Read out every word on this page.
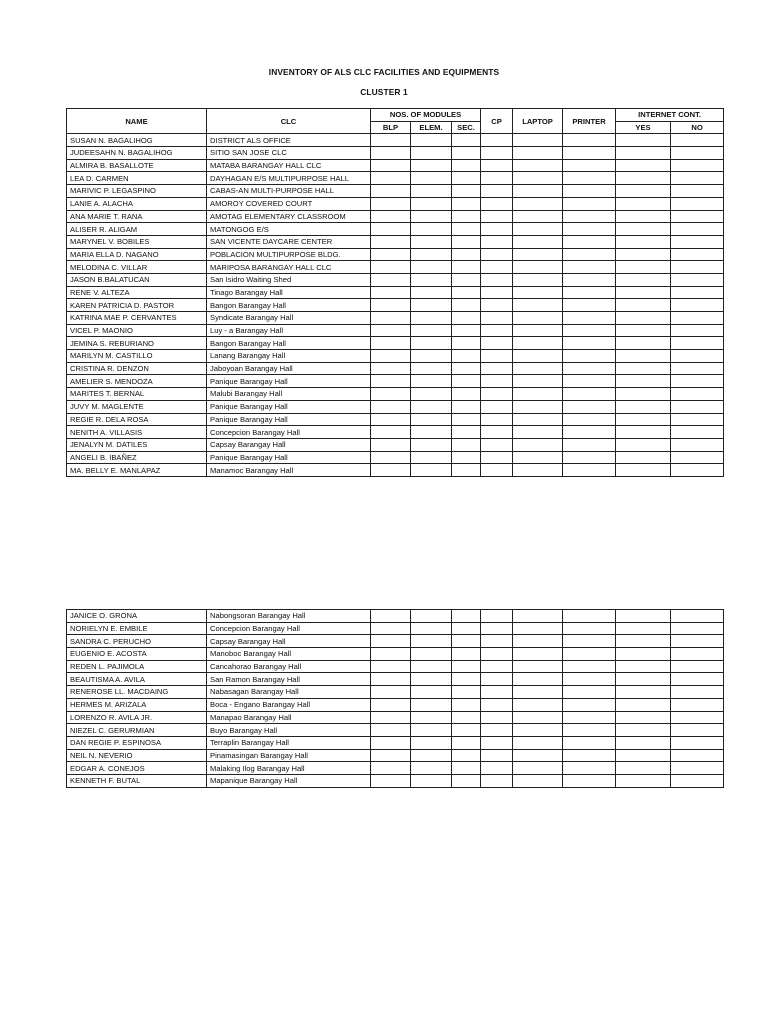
INVENTORY OF ALS CLC FACILITIES AND EQUIPMENTS
CLUSTER 1
NAME	CLC	NOS. OF MODULES			CP	LAPTOP	PRINTER	INTERNET CONT.	
		BLP	ELEM.	SEC.				YES	NO
SUSAN N. BAGALIHOG	DISTRICT ALS OFFICE								
JUDEESAHN N. BAGALIHOG	SITIO SAN JOSE CLC								
ALMIRA B. BASALLOTE	MATABA BARANGAY HALL CLC								
LEA D. CARMEN	DAYHAGAN E/S MULTIPURPOSE HALL								
MARIVIC P. LEGASPINO	CABAS-AN MULTI-PURPOSE HALL								
LANIE A. ALACHA	AMOROY COVERED COURT								
ANA MARIE T. RANA	AMOTAG ELEMENTARY CLASSROOM								
ALISER R. ALIGAM	MATONGOG E/S								
MARYNEL V. BOBILES	SAN VICENTE DAYCARE CENTER								
MARIA ELLA D. NAGANO	POBLACION MULTIPURPOSE BLDG.								
MELODINA C. VILLAR	MARIPOSA BARANGAY HALL CLC								
JASON B.BALATUCAN	San Isidro Waiting Shed								
RENE V. ALTEZA	Tinago Barangay Hall								
KAREN PATRICIA D. PASTOR	Bangon Barangay Hall								
KATRINA MAE P. CERVANTES	Syndicate Barangay Hall								
VICEL P. MAONIO	Luy - a Barangay Hall								
JEMINA S. REBURIANO	Bangon Barangay Hall								
MARILYN M. CASTILLO	Lanang Barangay Hall								
CRISTINA R. DENZON	Jaboyoan Barangay Hall								
AMELIER S. MENDOZA	Panique Barangay Hall								
MARITES T. BERNAL	Malubi Barangay Hall								
JUVY M. MAGLENTE	Panique Barangay Hall								
REGIE R. DELA ROSA	Panique Barangay Hall								
NENITH A. VILLASIS	Concepcion Barangay Hall								
JENALYN M. DATILES	Capsay Barangay Hall								
ANGELI B. IBAÑEZ	Panique Barangay Hall								
MA. BELLY E. MANLAPAZ	Manamoc Barangay Hall								
JANICE O. GRONA	Nabongsoran Barangay Hall								
NORIELYN E. EMBILE	Concepcion Barangay Hall								
SANDRA C. PERUCHO	Capsay Barangay Hall								
EUGENIO E. ACOSTA	Manoboc Barangay Hall								
REDEN L. PAJIMOLA	Cancahorao Barangay Hall								
BEAUTISMA A. AVILA	San Ramon Barangay Hall								
RENEROSE LL. MACDAING	Nabasagan Barangay Hall								
HERMES M. ARIZALA	Boca - Engano Barangay Hall								
LORENZO R. AVILA JR.	Manapao Barangay Hall								
NIEZEL C. GERURMIAN	Buyo Barangay Hall								
DAN REGIE P. ESPINOSA	Terraplin Barangay Hall								
NEIL N. NEVERIO	Pinamasingan Barangay Hall								
EDGAR A. CONEJOS	Malaking Ilog Barangay Hall								
KENNETH F. BUTAL	Mapanique Barangay Hall								
